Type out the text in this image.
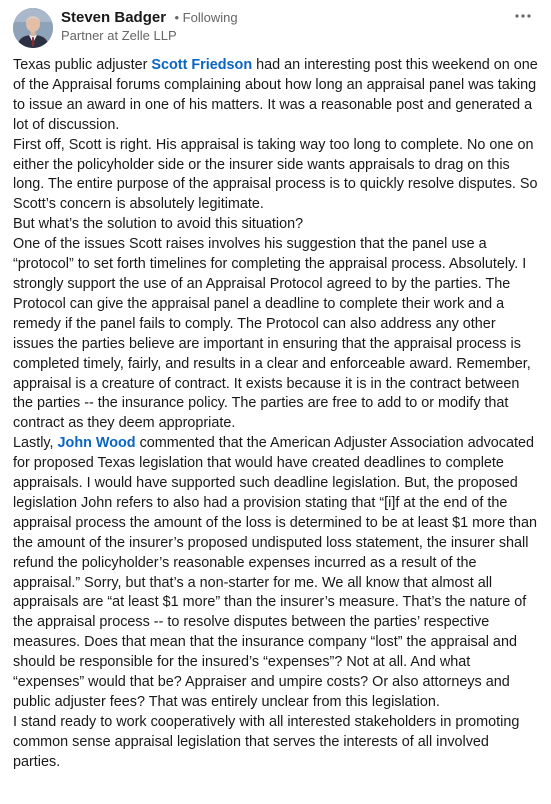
Steven Badger • Following
Partner at Zelle LLP

Texas public adjuster Scott Friedson had an interesting post this weekend on one of the Appraisal forums complaining about how long an appraisal panel was taking to issue an award in one of his matters. It was a reasonable post and generated a lot of discussion.

First off, Scott is right. His appraisal is taking way too long to complete. No one on either the policyholder side or the insurer side wants appraisals to drag on this long. The entire purpose of the appraisal process is to quickly resolve disputes. So Scott’s concern is absolutely legitimate.

But what’s the solution to avoid this situation?

One of the issues Scott raises involves his suggestion that the panel use a “protocol” to set forth timelines for completing the appraisal process. Absolutely. I strongly support the use of an Appraisal Protocol agreed to by the parties. The Protocol can give the appraisal panel a deadline to complete their work and a remedy if the panel fails to comply. The Protocol can also address any other issues the parties believe are important in ensuring that the appraisal process is completed timely, fairly, and results in a clear and enforceable award. Remember, appraisal is a creature of contract. It exists because it is in the contract between the parties -- the insurance policy. The parties are free to add to or modify that contract as they deem appropriate.

Lastly, John Wood commented that the American Adjuster Association advocated for proposed Texas legislation that would have created deadlines to complete appraisals. I would have supported such deadline legislation. But, the proposed legislation John refers to also had a provision stating that “[i]f at the end of the appraisal process the amount of the loss is determined to be at least $1 more than the amount of the insurer’s proposed undisputed loss statement, the insurer shall refund the policyholder’s reasonable expenses incurred as a result of the appraisal.” Sorry, but that’s a non-starter for me. We all know that almost all appraisals are “at least $1 more” than the insurer’s measure. That’s the nature of the appraisal process -- to resolve disputes between the parties’ respective measures. Does that mean that the insurance company “lost” the appraisal and should be responsible for the insured’s “expenses”? Not at all. And what “expenses” would that be? Appraiser and umpire costs? Or also attorneys and public adjuster fees? That was entirely unclear from this legislation.

I stand ready to work cooperatively with all interested stakeholders in promoting common sense appraisal legislation that serves the interests of all involved parties.
